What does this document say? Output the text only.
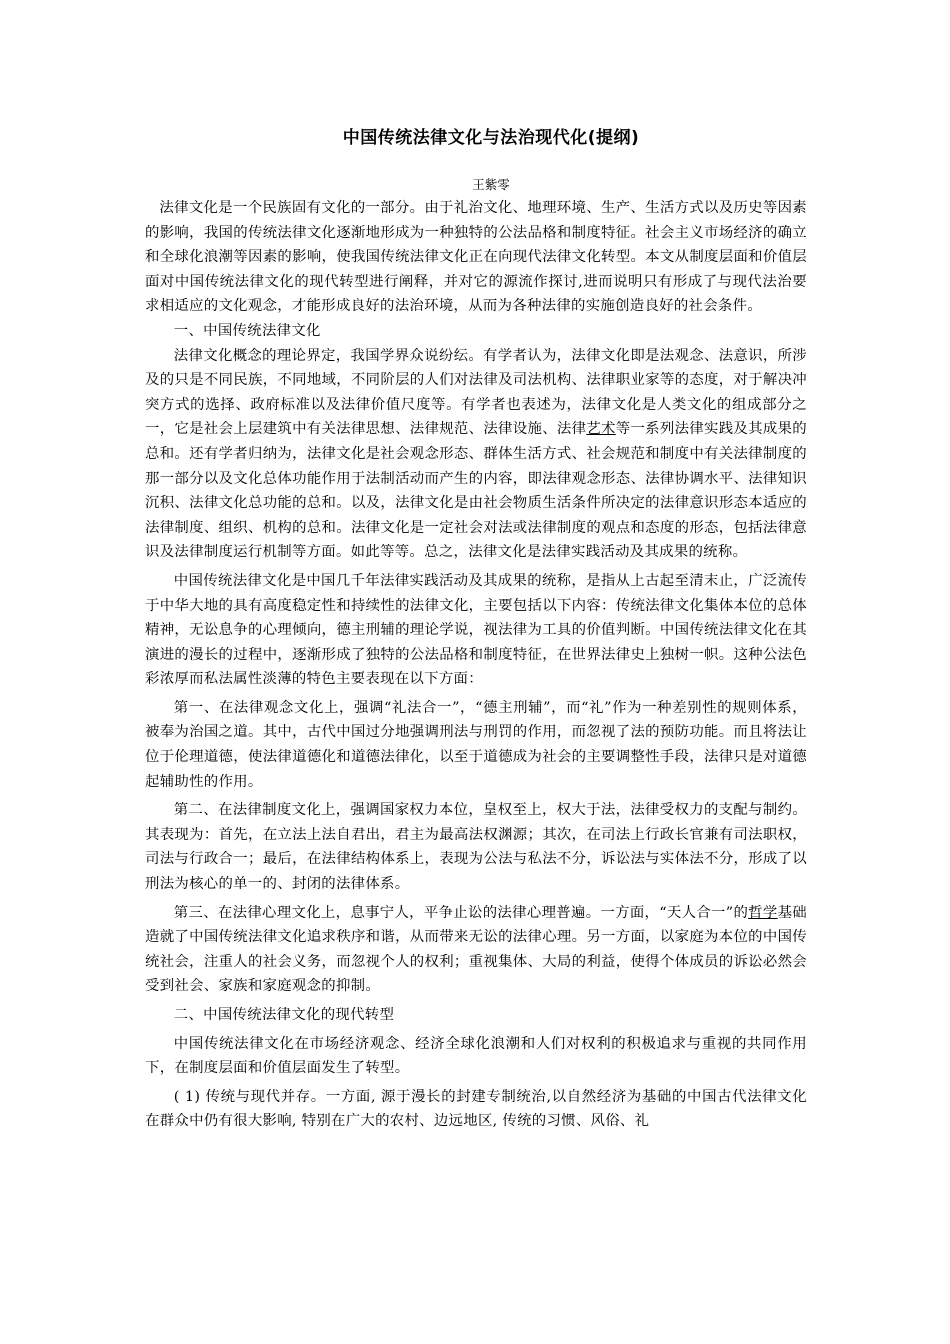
中国传统法律文化与法治现代化(提纲)
王紫零

法律文化是一个民族固有文化的一部分。由于礼治文化、地理环境、生产、生活方式以及历史等因素的影响，我国的传统法律文化逐渐地形成为一种独特的公法品格和制度特征。社会主义市场经济的确立和全球化浪潮等因素的影响，使我国传统法律文化正在向现代法律文化转型。本文从制度层面和价值层面对中国传统法律文化的现代转型进行阐释，并对它的源流作探讨,进而说明只有形成了与现代法治要求相适应的文化观念，才能形成良好的法治环境，从而为各种法律的实施创造良好的社会条件。

一、中国传统法律文化

法律文化概念的理论界定，我国学界众说纷纭。有学者认为，法律文化即是法观念、法意识，所涉及的只是不同民族，不同地域，不同阶层的人们对法律及司法机构、法律职业家等的态度，对于解决冲突方式的选择、政府标准以及法律价值尺度等。有学者也表述为，法律文化是人类文化的组成部分之一，它是社会上层建筑中有关法律思想、法律规范、法律设施、法律艺术等一系列法律实践及其成果的总和。还有学者归纳为，法律文化是社会观念形态、群体生活方式、社会规范和制度中有关法律制度的那一部分以及文化总体功能作用于法制活动而产生的内容，即法律观念形态、法律协调水平、法律知识沉积、法律文化总功能的总和。以及，法律文化是由社会物质生活条件所决定的法律意识形态本适应的法律制度、组织、机构的总和。法律文化是一定社会对法或法律制度的观点和态度的形态，包括法律意识及法律制度运行机制等方面。如此等等。总之，法律文化是法律实践活动及其成果的统称。

中国传统法律文化是中国几千年法律实践活动及其成果的统称，是指从上古起至清末止，广泛流传于中华大地的具有高度稳定性和持续性的法律文化，主要包括以下内容：传统法律文化集体本位的总体精神，无讼息争的心理倾向，德主刑辅的理论学说，视法律为工具的价值判断。中国传统法律文化在其演进的漫长的过程中，逐渐形成了独特的公法品格和制度特征，在世界法律史上独树一帜。这种公法色彩浓厚而私法属性淡薄的特色主要表现在以下方面：

第一、在法律观念文化上，强调“礼法合一”，“德主刑辅”，而“礼”作为一种差别性的规则体系，被奉为治国之道。其中，古代中国过分地强调刑法与刑罚的作用，而忽视了法的预防功能。而且将法让位于伦理道德，使法律道德化和道德法律化，以至于道德成为社会的主要调整性手段，法律只是对道德起辅助性的作用。

第二、在法律制度文化上，强调国家权力本位，皇权至上，权大于法，法律受权力的支配与制约。其表现为：首先，在立法上法自君出，君主为最高法权渊源；其次，在司法上行政长官兼有司法职权，司法与行政合一；最后，在法律结构体系上，表现为公法与私法不分，诉讼法与实体法不分，形成了以刑法为核心的单一的、封闭的法律体系。

第三、在法律心理文化上，息事宁人，平争止讼的法律心理普遍。一方面，“天人合一”的哲学基础造就了中国传统法律文化追求秩序和谐，从而带来无讼的法律心理。另一方面，以家庭为本位的中国传统社会，注重人的社会义务，而忽视个人的权利；重视集体、大局的利益，使得个体成员的诉讼必然会受到社会、家族和家庭观念的抑制。

二、中国传统法律文化的现代转型

中国传统法律文化在市场经济观念、经济全球化浪潮和人们对权利的积极追求与重视的共同作用下，在制度层面和价值层面发生了转型。

( 1) 传统与现代并存。一方面, 源于漫长的封建专制统治,以自然经济为基础的中国古代法律文化在群众中仍有很大影响, 特别在广大的农村、边远地区, 传统的习惯、风俗、礼
